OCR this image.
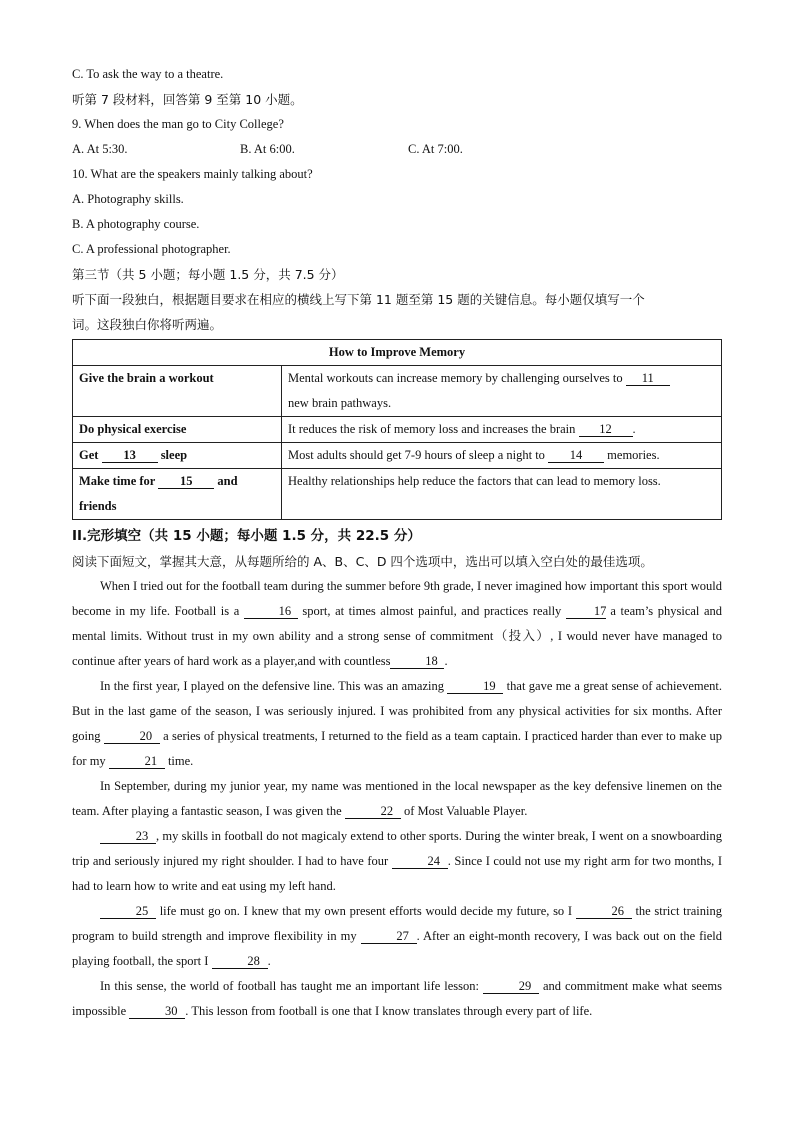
C. To ask the way to a theatre.
听第 7 段材料，回答第 9 至第 10 小题。
9. When does the man go to City College?
A. At 5:30.	B. At 6:00.	C. At 7:00.
10. What are the speakers mainly talking about?
A. Photography skills.
B. A photography course.
C. A professional photographer.
第三节（共 5 小题；每小题 1.5 分，共 7.5 分）
听下面一段独白，根据题目要求在相应的横线上写下第 11 题至第 15 题的关键信息。每小题仅填写一个
词。这段独白你将听两遍。
How to Improve Memory	
Give the brain a workout	Mental workouts can increase memory by challenging ourselves to 11
new brain pathways.
Do physical exercise	It reduces the risk of memory loss and increases the brain 12 .
Get 13 sleep	Most adults should get 7-9 hours of sleep a night to 14 memories.
Make time for 15 and
friends	Healthy relationships help reduce the factors that can lead to memory loss.
II.完形填空（共 15 小题；每小题 1.5 分，共 22.5 分）
阅读下面短文，掌握其大意，从每题所给的 A、B、C、D 四个选项中，选出可以填入空白处的最佳选项。

When I tried out for the football team during the summer before 9th grade, I never imagined how important this sport would become in my life. Football is a	16 sport, at times almost painful, and practices really 17 a team’s physical and mental limits. Without trust in my own ability and a strong sense of commitment（投入）, I would never have managed to continue after years of hard work as a player,and with countless	18 .

In the first year, I played on the defensive line. This was an amazing	19 that gave me a great sense of achievement. But in the last game of the season, I was seriously injured. I was prohibited from any physical activities for six months. After going	20 a series of physical treatments, I returned to the field as a team captain. I practiced harder than ever to make up for my	21 time.

In September, during my junior year, my name was mentioned in the local newspaper as the key defensive linemen on the team. After playing a fantastic season, I was given the	22 of Most Valuable Player.

23 , my skills in football do not magicaly extend to other sports. During the winter break, I went on a snowboarding trip and seriously injured my right shoulder. I had to have four	24 . Since I could not use my right arm for two months, I had to learn how to write and eat using my left hand.

25 life must go on. I knew that my own present efforts would decide my future, so I	26 the strict training program to build strength and improve flexibility in my	27 . After an eight-month recovery, I was back out on the field playing football, the sport I	28 .

In this sense, the world of football has taught me an important life lesson:	29 and commitment make what seems impossible	30 . This lesson from football is one that I know translates through every part of life.
